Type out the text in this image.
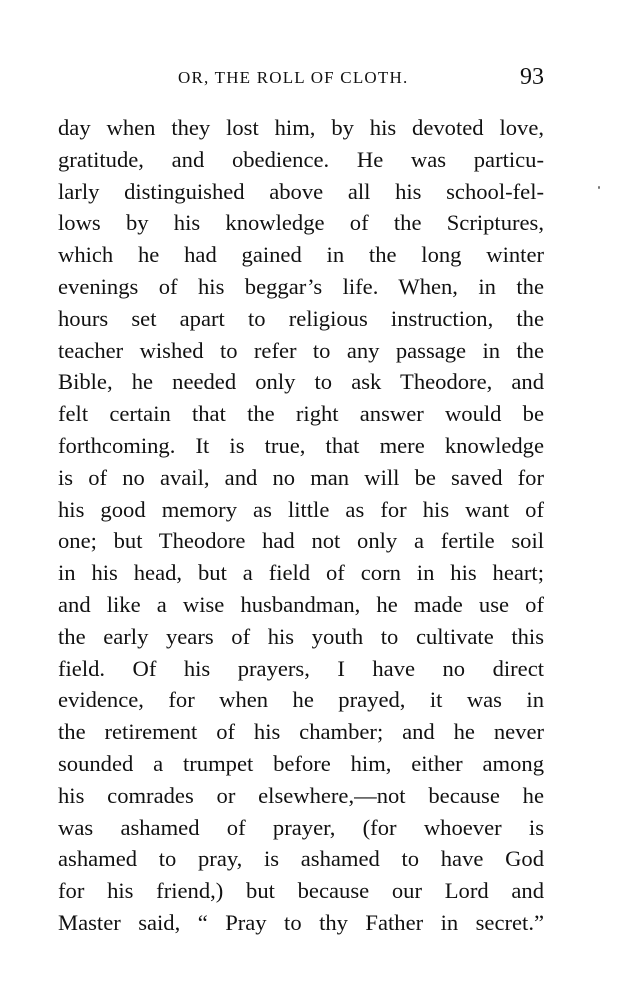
OR, THE ROLL OF CLOTH.	93
day when they lost him, by his devoted love,
gratitude, and obedience. He was particu-
larly distinguished above all his school-fel-
lows by his knowledge of the Scriptures,
which he had gained in the long winter
evenings of his beggar’s life. When, in the
hours set apart to religious instruction, the
teacher wished to refer to any passage in the
Bible, he needed only to ask Theodore, and
felt certain that the right answer would be
forthcoming. It is true, that mere knowledge
is of no avail, and no man will be saved for
his good memory as little as for his want of
one; but Theodore had not only a fertile soil
in his head, but a field of corn in his heart;
and like a wise husbandman, he made use of
the early years of his youth to cultivate this
field. Of his prayers, I have no direct
evidence, for when he prayed, it was in
the retirement of his chamber; and he never
sounded a trumpet before him, either among
his comrades or elsewhere,—not because he
was ashamed of prayer, (for whoever is
ashamed to pray, is ashamed to have God
for his friend,) but because our Lord and
Master said, “ Pray to thy Father in secret.”
